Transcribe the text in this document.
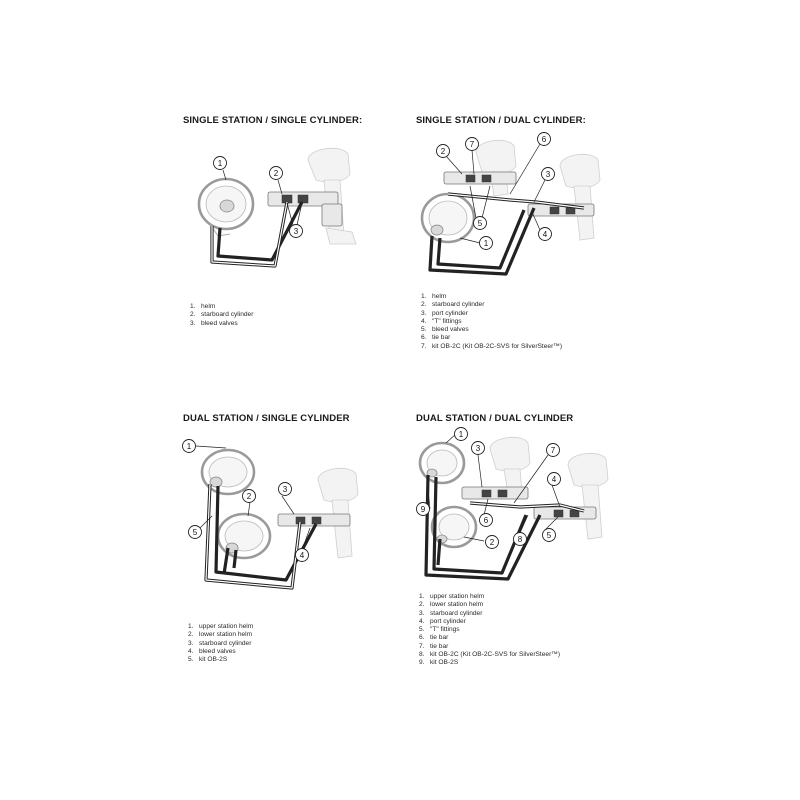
SINGLE STATION / SINGLE CYLINDER:
1
2
3
1. helm
2. starboard cylinder
3. bleed valves
SINGLE STATION / DUAL CYLINDER:
2
7
6
3
5
4
1
1. helm
2. starboard cylinder
3. port cylinder
4. "T" fittings
5. bleed valves
6. tie bar
7. kit OB-2C (Kit OB-2C-SVS for SilverSteer™)
DUAL STATION / SINGLE CYLINDER
1
2
3
5
4
1. upper station helm
2. lower station helm
3. starboard cylinder
4. bleed valves
5. kit OB-2S
DUAL STATION / DUAL CYLINDER
1
3	7
4
9
6
8	5
2
1. upper station helm
2. lower station helm
3. starboard cylinder
4. port cylinder
5. "T" fittings
6. tie bar
7. tie bar
8. kit OB-2C (Kit OB-2C-SVS for SilverSteer™)
9. kit OB-2S
